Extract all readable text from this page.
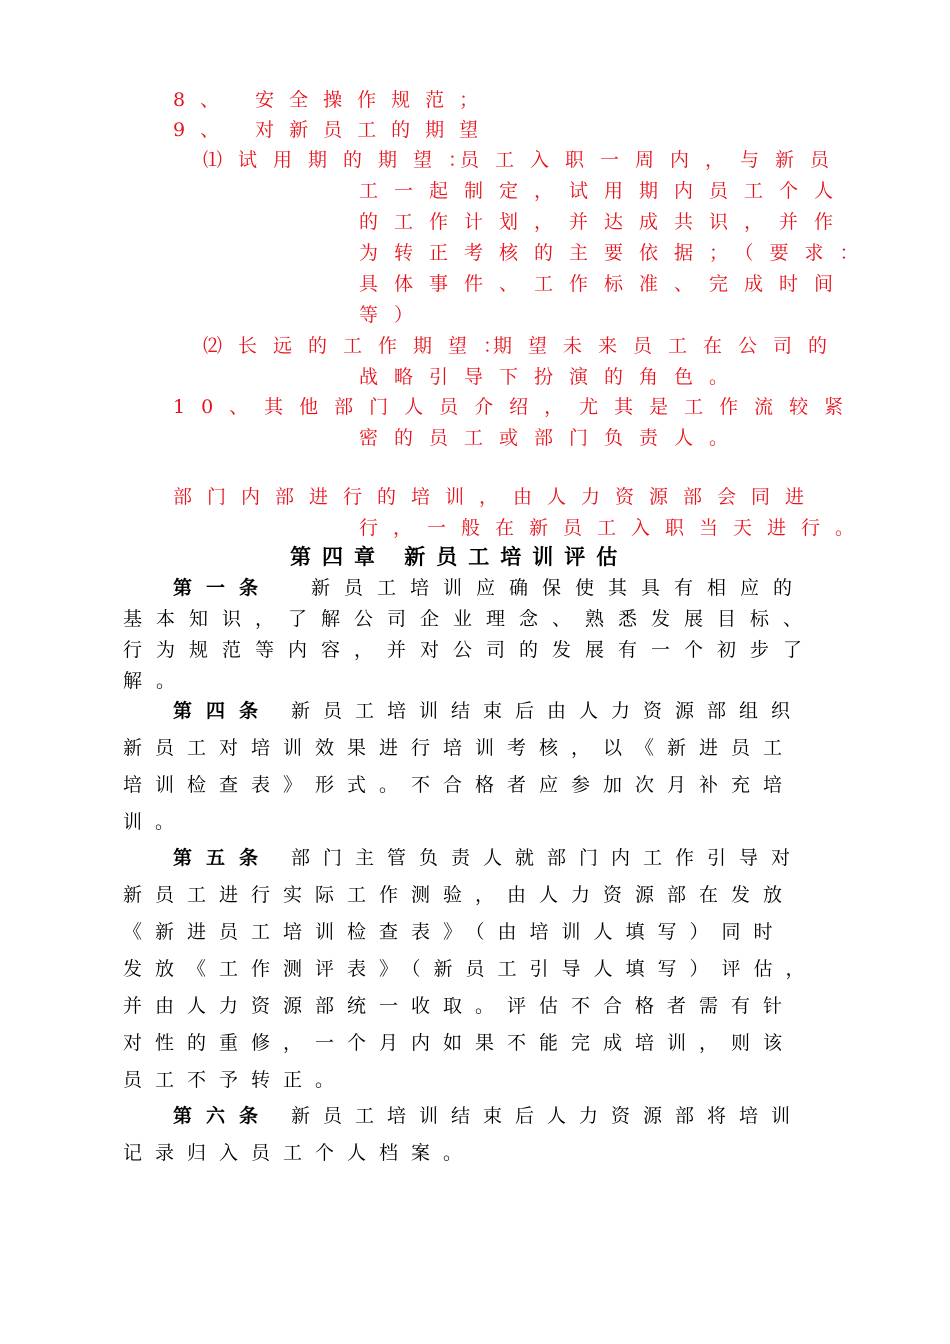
8、 安全操作规范；
9、 对新员工的期望
⑴试用期的期望：
员工入职一周内，与新员
工一起制定，试用期内员工个人
的工作计划，并达成共识，并作
为转正考核的主要依据；（要求：
具体事件、工作标准、完成时间
等）
⑵长远的工作期望：
期望未来员工在公司的
战略引导下扮演的角色。
10、其他部门人员介绍，尤其是工作流较紧
密的员工或部门负责人。
部门内部进行的培训，由人力资源部会同进
行，一般在新员工入职当天进行。
第四章 新员工培训评估
第一条 新员工培训应确保使其具有相应的
基本知识，了解公司企业理念、熟悉发展目标、
行为规范等内容，并对公司的发展有一个初步了
解。
第四条 新员工培训结束后由人力资源部组织
新员工对培训效果进行培训考核，以《新进员工
培训检查表》形式。不合格者应参加次月补充培
训。
第五条 部门主管负责人就部门内工作引导对
新员工进行实际工作测验，由人力资源部在发放
《新进员工培训检查表》（由培训人填写）同时
发放《工作测评表》（新员工引导人填写）评估，
并由人力资源部统一收取。评估不合格者需有针
对性的重修，一个月内如果不能完成培训，则该
员工不予转正。
第六条 新员工培训结束后人力资源部将培训
记录归入员工个人档案。
